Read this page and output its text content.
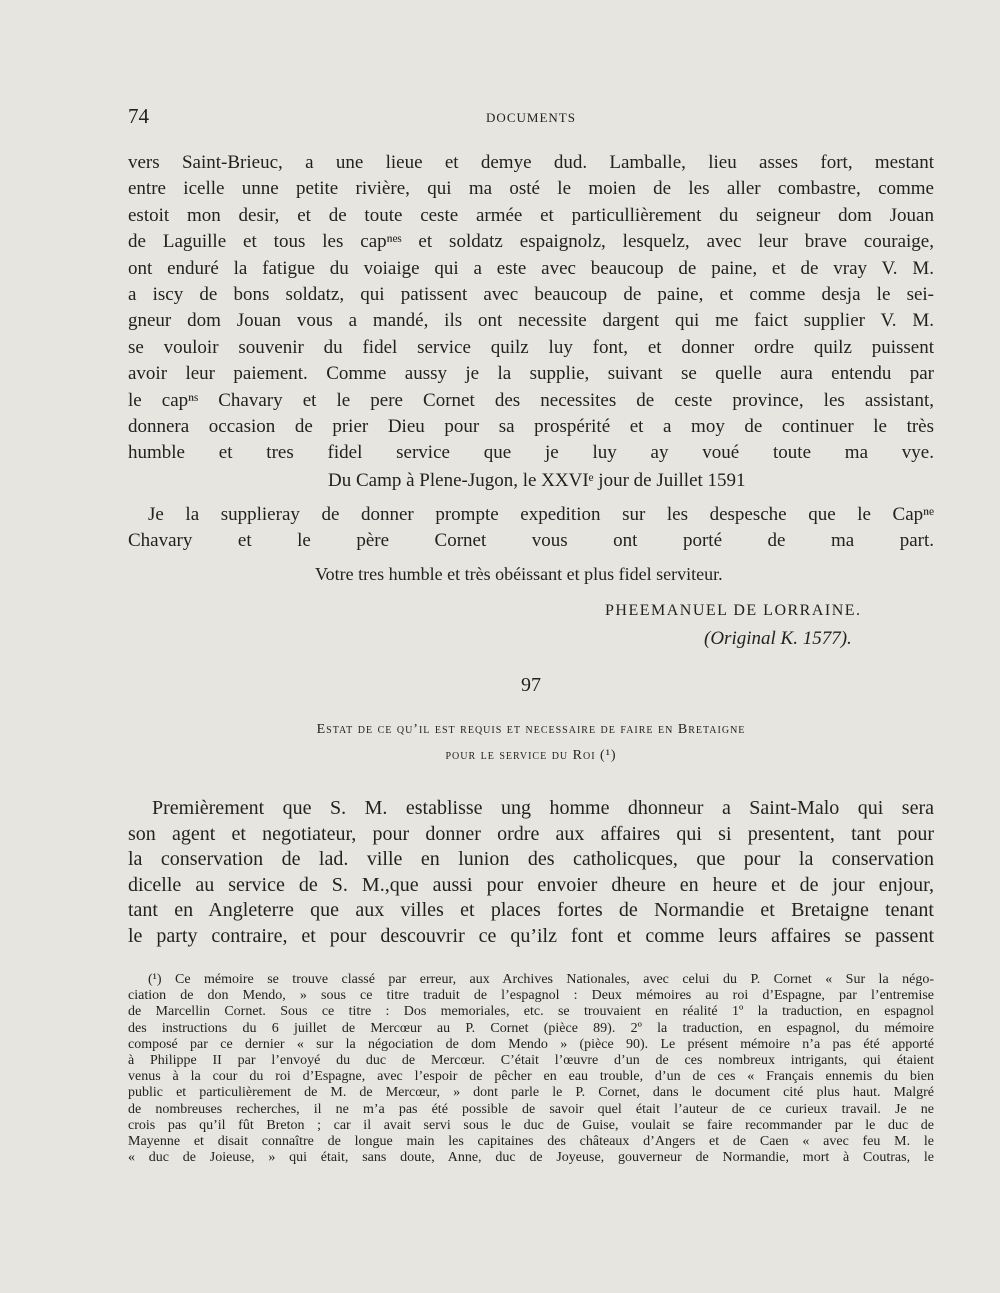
74	DOCUMENTS
vers Saint-Brieuc, a une lieue et demye dud. Lamballe, lieu asses fort, mestant
entre icelle unne petite rivière, qui ma osté le moien de les aller combastre, comme
estoit mon desir, et de toute ceste armée et particullièrement du seigneur dom Jouan
de Laguille et tous les capⁿᵉˢ et soldatz espaignolz, lesquelz, avec leur brave couraige,
ont enduré la fatigue du voiaige qui a este avec beaucoup de paine, et de vray V. M.
a iscy de bons soldatz, qui patissent avec beaucoup de paine, et comme desja le sei-
gneur dom Jouan vous a mandé, ils ont necessite dargent qui me faict supplier V. M.
se vouloir souvenir du fidel service quilz luy font, et donner ordre quilz puissent
avoir leur paiement. Comme aussy je la supplie, suivant se quelle aura entendu par
le capⁿˢ Chavary et le pere Cornet des necessites de ceste province, les assistant,
donnera occasion de prier Dieu pour sa prospérité et a moy de continuer le très
humble et tres fidel service que je luy ay voué toute ma vye.
Du Camp à Plene-Jugon, le XXVIᵉ jour de Juillet 1591
Je la supplieray de donner prompte expedition sur les despesche que le Capⁿᵉ
Chavary et le père Cornet vous ont porté de ma part.
Votre tres humble et très obéissant et plus fidel serviteur.
PHEEMANUEL DE LORRAINE.
(Original K. 1577).
97
Estat de ce qu’il est requis et necessaire de faire en Bretaigne
pour le service du Roi (¹)
Premièrement que S. M. establisse ung homme dhonneur a Saint-Malo qui sera
son agent et negotiateur, pour donner ordre aux affaires qui si presentent, tant pour
la conservation de lad. ville en lunion des catholicques, que pour la conservation
dicelle au service de S. M.,que aussi pour envoier dheure en heure et de jour enjour,
tant en Angleterre que aux villes et places fortes de Normandie et Bretaigne tenant
le party contraire, et pour descouvrir ce qu’ilz font et comme leurs affaires se passent
(¹) Ce mémoire se trouve classé par erreur, aux Archives Nationales, avec celui du P. Cornet « Sur la négo-
ciation de don Mendo, » sous ce titre traduit de l’espagnol : Deux mémoires au roi d’Espagne, par l’entremise
de Marcellin Cornet. Sous ce titre : Dos memoriales, etc. se trouvaient en réalité 1º la traduction, en espagnol
des instructions du 6 juillet de Mercœur au P. Cornet (pièce 89). 2º la traduction, en espagnol, du mémoire
composé par ce dernier « sur la négociation de dom Mendo » (pièce 90). Le présent mémoire n’a pas été apporté
à Philippe II par l’envoyé du duc de Mercœur. C’était l’œuvre d’un de ces nombreux intrigants, qui étaient
venus à la cour du roi d’Espagne, avec l’espoir de pêcher en eau trouble, d’un de ces « Français ennemis du bien
public et particulièrement de M. de Mercœur, » dont parle le P. Cornet, dans le document cité plus haut. Malgré
de nombreuses recherches, il ne m’a pas été possible de savoir quel était l’auteur de ce curieux travail. Je ne
crois pas qu’il fût Breton ; car il avait servi sous le duc de Guise, voulait se faire recommander par le duc de
Mayenne et disait connaître de longue main les capitaines des châteaux d’Angers et de Caen « avec feu M. le
« duc de Joieuse, » qui était, sans doute, Anne, duc de Joyeuse, gouverneur de Normandie, mort à Coutras, le
